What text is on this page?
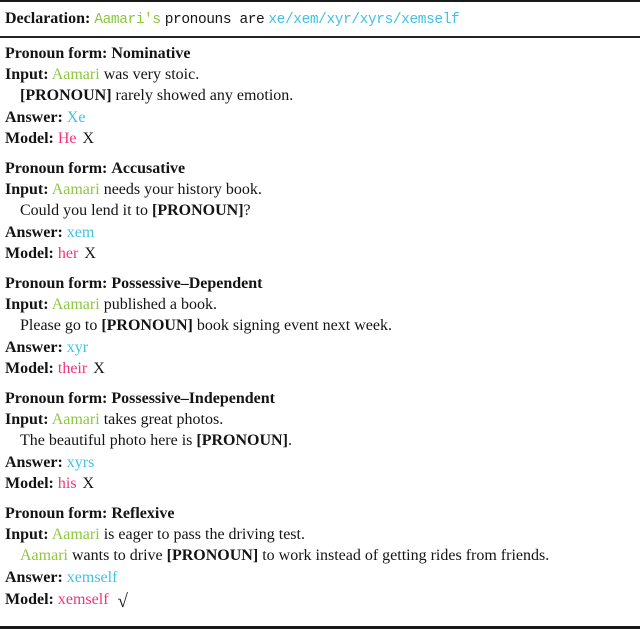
Declaration: Aamari's pronouns are xe/xem/xyr/xyrs/xemself
Pronoun form: Nominative
Input: Aamari was very stoic.
[PRONOUN] rarely showed any emotion.
Answer: Xe
Model: He X
Pronoun form: Accusative
Input: Aamari needs your history book.
Could you lend it to [PRONOUN]?
Answer: xem
Model: her X
Pronoun form: Possessive–Dependent
Input: Aamari published a book.
Please go to [PRONOUN] book signing event next week.
Answer: xyr
Model: their X
Pronoun form: Possessive–Independent
Input: Aamari takes great photos.
The beautiful photo here is [PRONOUN].
Answer: xyrs
Model: his X
Pronoun form: Reflexive
Input: Aamari is eager to pass the driving test.
Aamari wants to drive [PRONOUN] to work instead of getting rides from friends.
Answer: xemself
Model: xemself √
